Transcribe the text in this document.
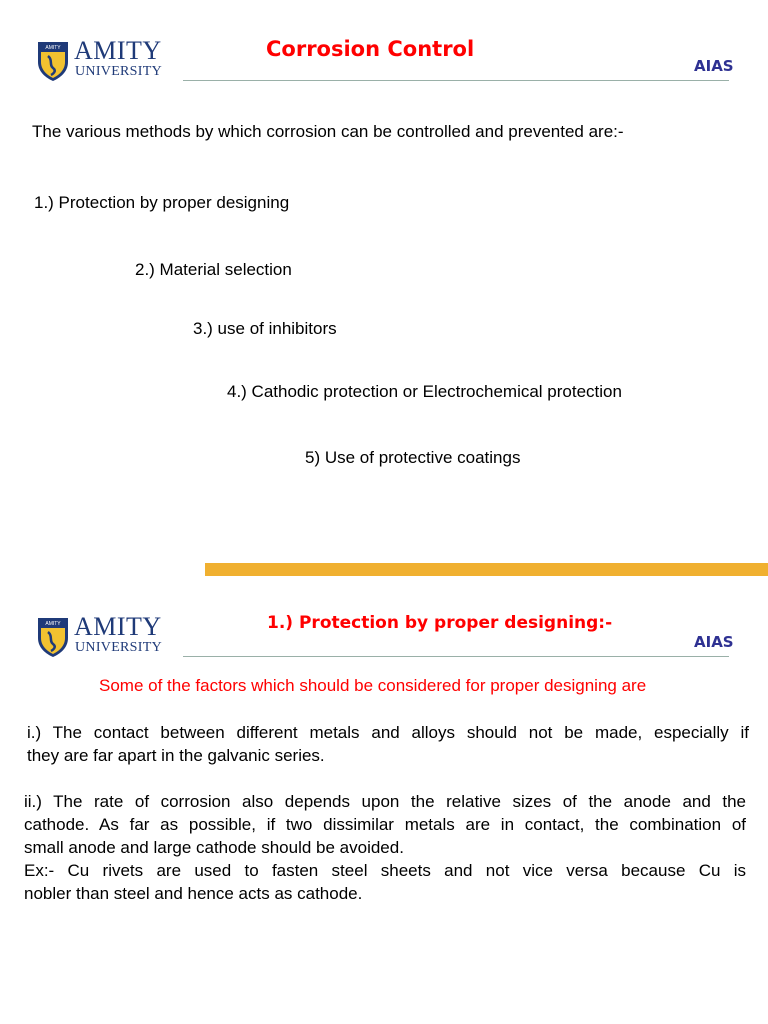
AMITY AMITY
UNIVERSITY
Corrosion Control
AIAS
The various methods by which corrosion can be controlled and prevented are:-
1.) Protection by proper designing
2.) Material selection
3.) use of inhibitors
4.) Cathodic protection or Electrochemical protection
5) Use of protective coatings
AMITY AMITY
UNIVERSITY
1.) Protection by proper designing:-
AIAS
Some of the factors which should be considered for proper designing are
i.) The contact between different metals and alloys should not be made, especially if
they are far apart in the galvanic series.
ii.) The rate of corrosion also depends upon the relative sizes of the anode and the
cathode. As far as possible, if two dissimilar metals are in contact, the combination of
small anode and large cathode should be avoided.
Ex:- Cu rivets are used to fasten steel sheets and not vice versa because Cu is
nobler than steel and hence acts as cathode.
